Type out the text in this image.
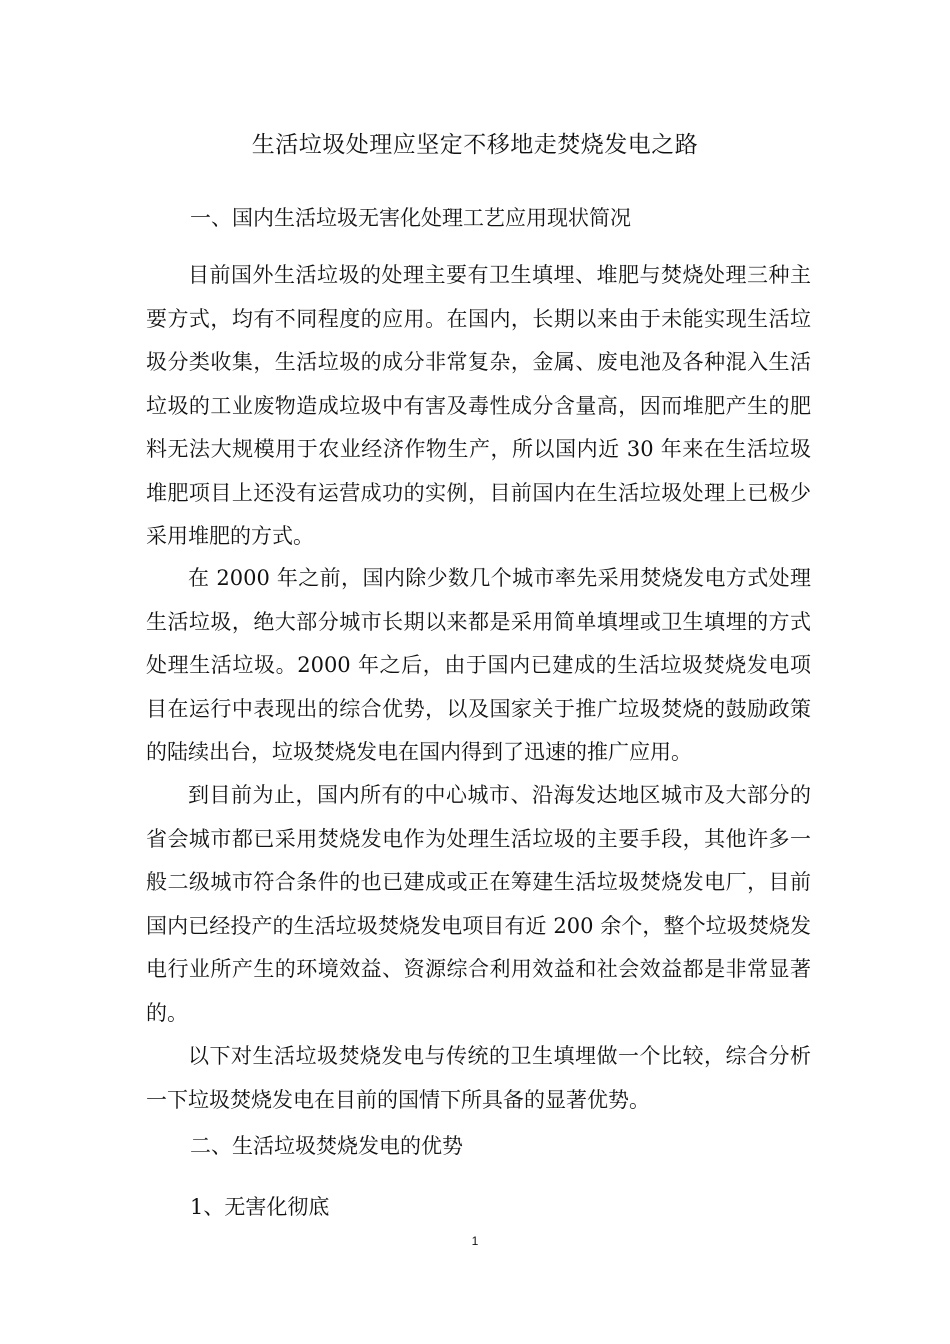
生活垃圾处理应坚定不移地走焚烧发电之路
一、国内生活垃圾无害化处理工艺应用现状简况

目前国外生活垃圾的处理主要有卫生填埋、堆肥与焚烧处理三种主要方式，均有不同程度的应用。在国内，长期以来由于未能实现生活垃圾分类收集，生活垃圾的成分非常复杂，金属、废电池及各种混入生活垃圾的工业废物造成垃圾中有害及毒性成分含量高，因而堆肥产生的肥料无法大规模用于农业经济作物生产，所以国内近 30 年来在生活垃圾堆肥项目上还没有运营成功的实例，目前国内在生活垃圾处理上已极少采用堆肥的方式。

在 2000 年之前，国内除少数几个城市率先采用焚烧发电方式处理生活垃圾，绝大部分城市长期以来都是采用简单填埋或卫生填埋的方式处理生活垃圾。2000 年之后，由于国内已建成的生活垃圾焚烧发电项目在运行中表现出的综合优势，以及国家关于推广垃圾焚烧的鼓励政策的陆续出台，垃圾焚烧发电在国内得到了迅速的推广应用。

到目前为止，国内所有的中心城市、沿海发达地区城市及大部分的省会城市都已采用焚烧发电作为处理生活垃圾的主要手段，其他许多一般二级城市符合条件的也已建成或正在筹建生活垃圾焚烧发电厂，目前国内已经投产的生活垃圾焚烧发电项目有近 200 余个，整个垃圾焚烧发电行业所产生的环境效益、资源综合利用效益和社会效益都是非常显著的。

以下对生活垃圾焚烧发电与传统的卫生填埋做一个比较，综合分析一下垃圾焚烧发电在目前的国情下所具备的显著优势。

二、生活垃圾焚烧发电的优势
1、无害化彻底
1
